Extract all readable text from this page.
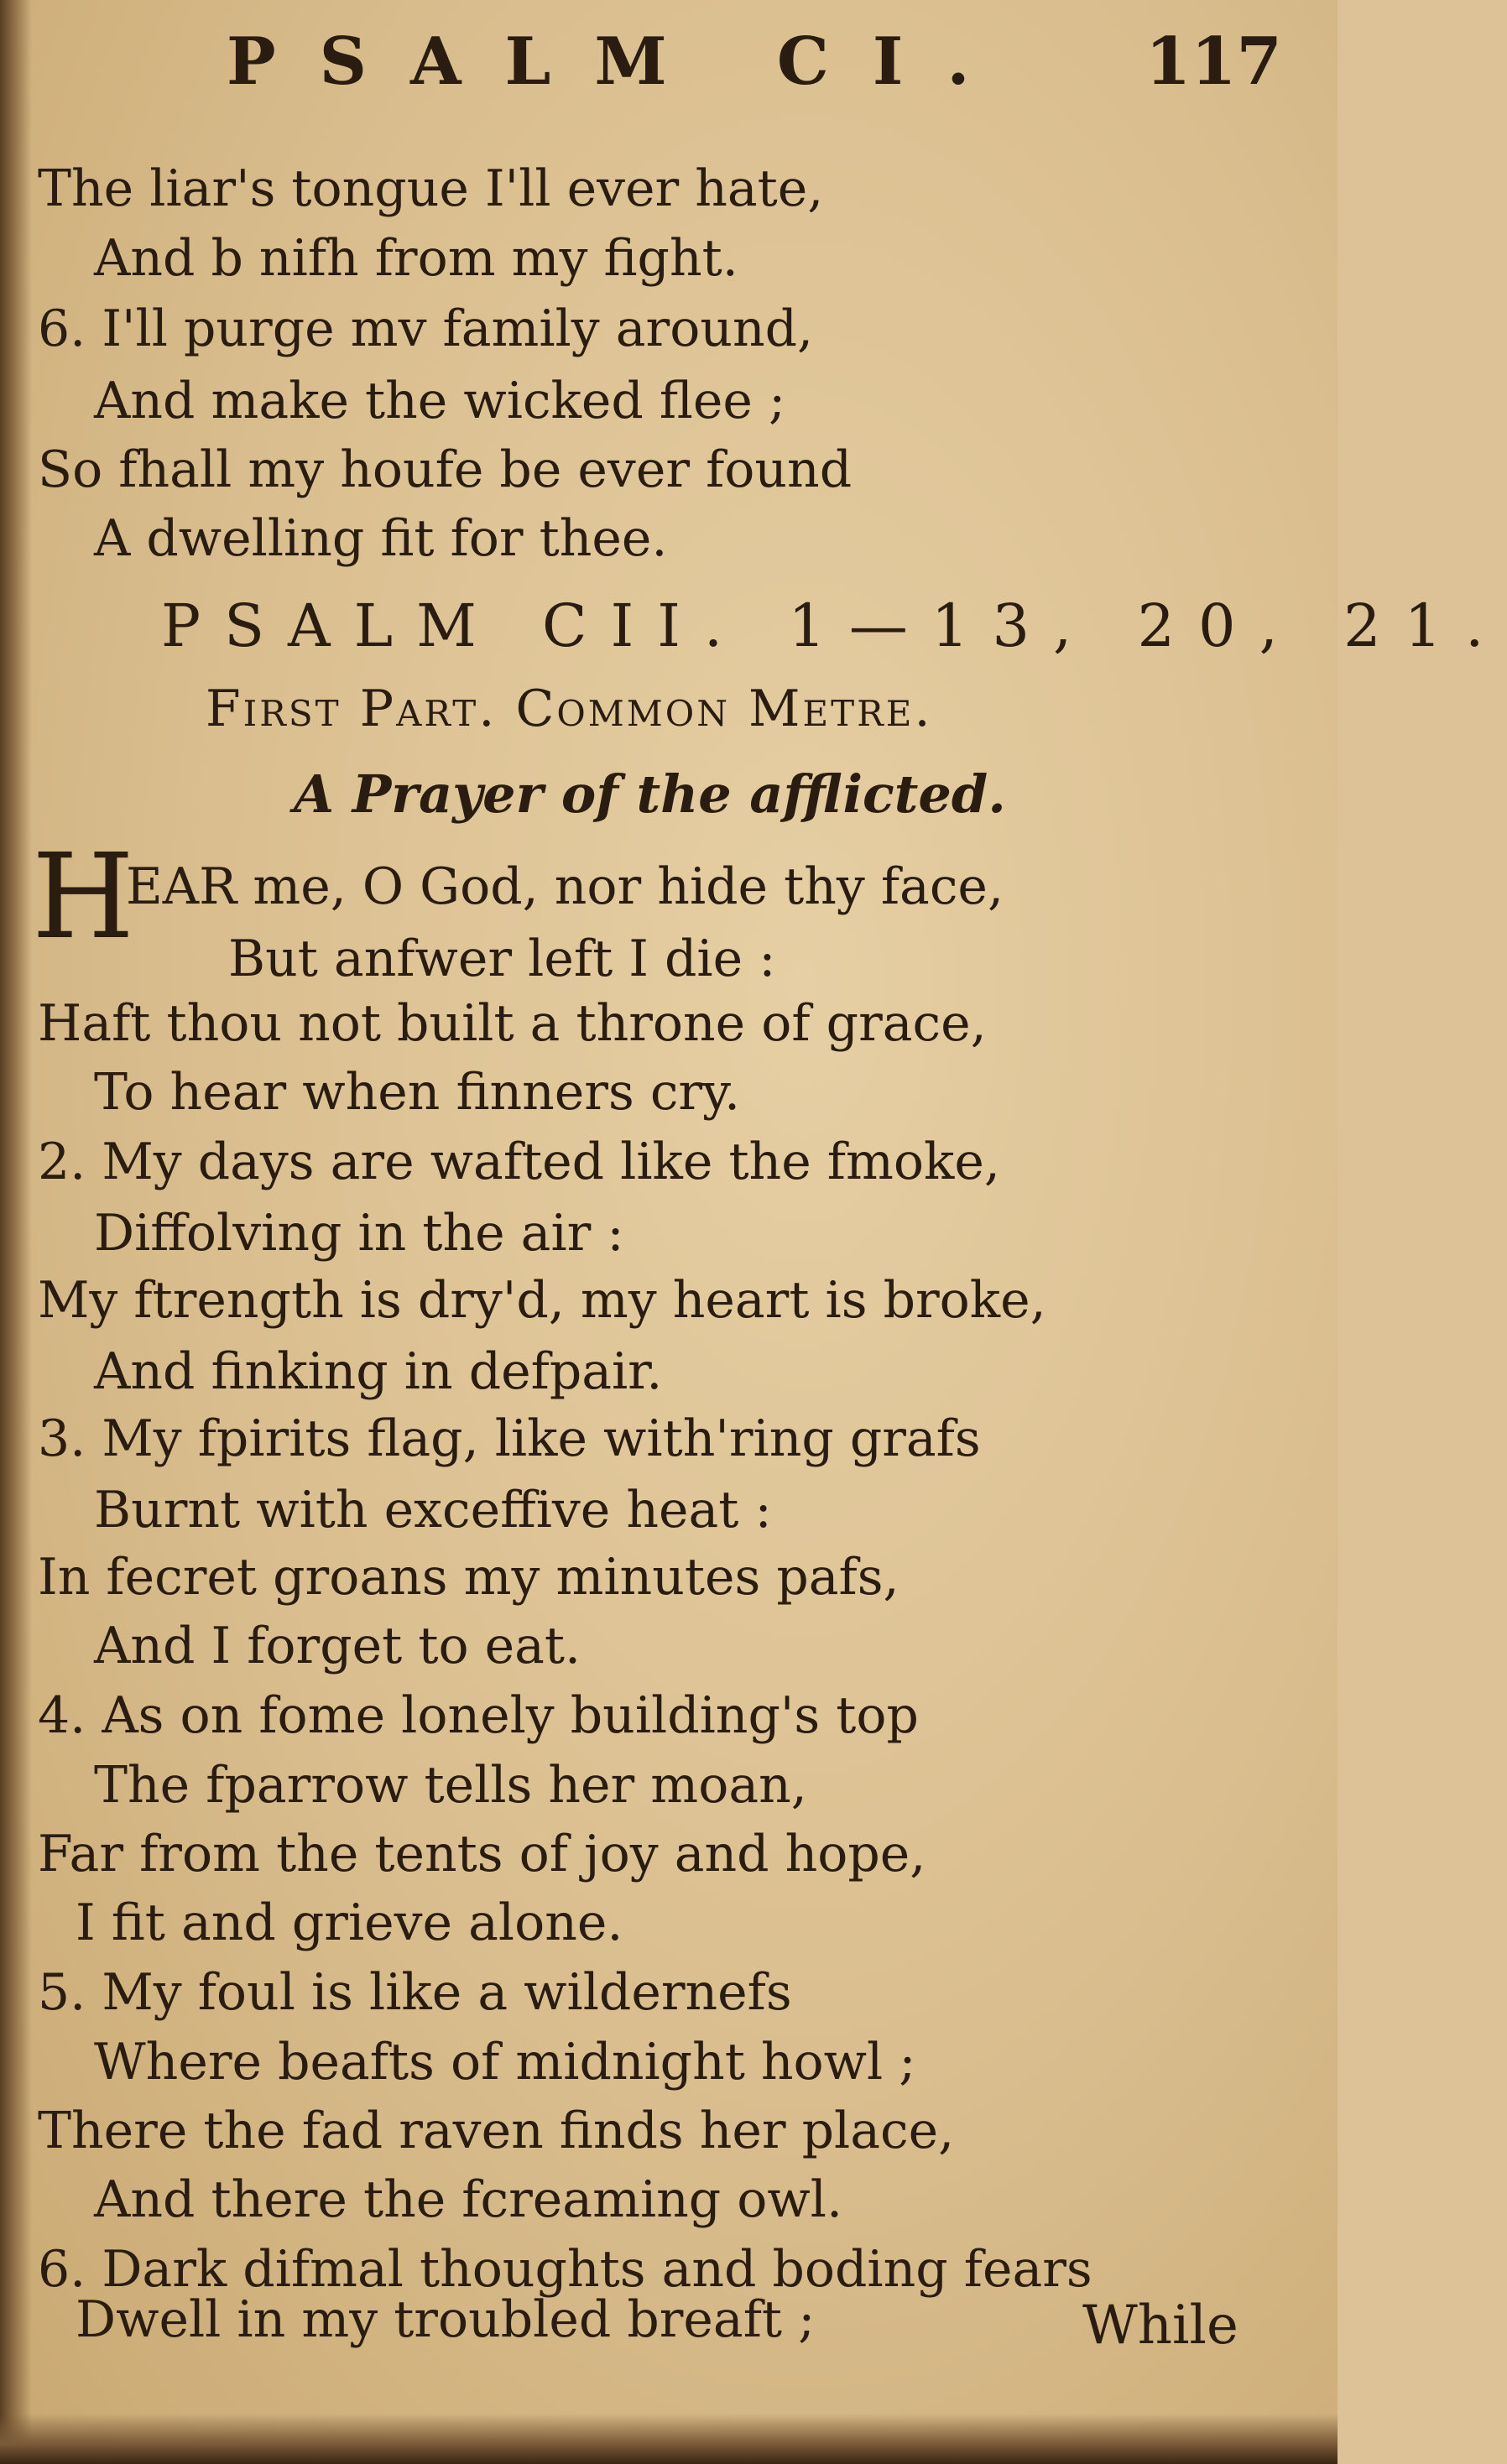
PSALM CI. 117
The liar's tongue I'll ever hate,
And b nifh from my fight.
6. I'll purge mv family around,
And make the wicked flee ;
So fhall my houfe be ever found
A dwelling fit for thee.
PSALM CII. 1—13, 20, 21.
First Part. Common Metre.
A Prayer of the afflicted.
H
EAR me, O God, nor hide thy face,
But anfwer left I die :
Haft thou not built a throne of grace,
To hear when finners cry.
2. My days are wafted like the fmoke,
Diffolving in the air :
My ftrength is dry'd, my heart is broke,
And finking in defpair.
3. My fpirits flag, like with'ring grafs
Burnt with exceffive heat :
In fecret groans my minutes pafs,
And I forget to eat.
4. As on fome lonely building's top
The fparrow tells her moan,
Far from the tents of joy and hope,
I fit and grieve alone.
5. My foul is like a wildernefs
Where beafts of midnight howl ;
There the fad raven finds her place,
And there the fcreaming owl.
6. Dark difmal thoughts and boding fears
Dwell in my troubled breaft ;	While
